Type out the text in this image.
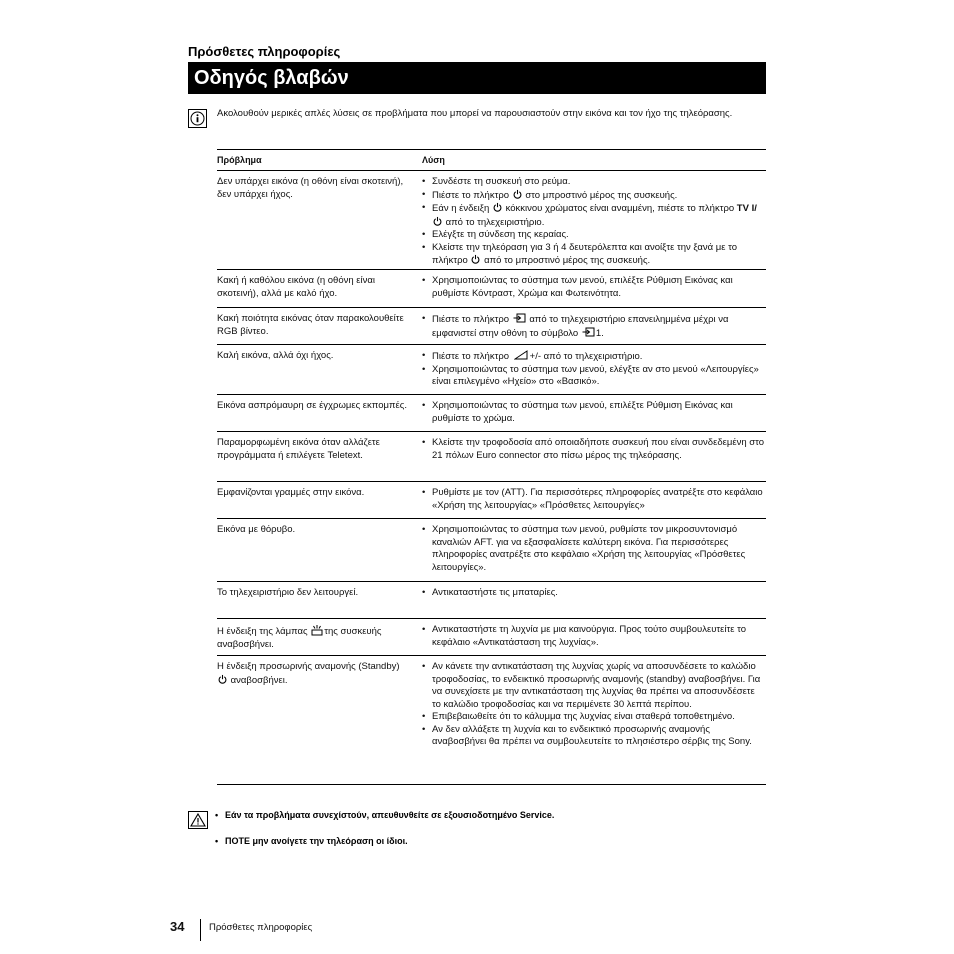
Πρόσθετες πληροφορίες
Οδηγός βλαβών
Ακολουθούν μερικές απλές λύσεις σε προβλήματα που μπορεί να παρουσιαστούν στην εικόνα και τον ήχο της τηλεόρασης.
Πρόβλημα	Λύση
Δεν υπάρχει εικόνα (η οθόνη είναι σκοτεινή), δεν υπάρχει ήχος.
• Συνδέστε τη συσκευή στο ρεύμα.
• Πιέστε το πλήκτρο στο μπροστινό μέρος της συσκευής.
• Εάν η ένδειξη κόκκινου χρώματος είναι αναμμένη, πιέστε το πλήκτρο TV I/ από το τηλεχειριστήριο.
• Ελέγξτε τη σύνδεση της κεραίας.
• Κλείστε την τηλεόραση για 3 ή 4 δευτερόλεπτα και ανοίξτε την ξανά με το πλήκτρο από το μπροστινό μέρος της συσκευής.
Κακή ή καθόλου εικόνα (η οθόνη είναι σκοτεινή), αλλά με καλό ήχο.
• Χρησιμοποιώντας το σύστημα των μενού, επιλέξτε Ρύθμιση Εικόνας και ρυθμίστε Κόντραστ, Χρώμα και Φωτεινότητα.
Κακή ποιότητα εικόνας όταν παρακολουθείτε RGB βίντεο.
• Πιέστε το πλήκτρο από το τηλεχειριστήριο επανειλημμένα μέχρι να εμφανιστεί στην οθόνη το σύμβολο 1.
Καλή εικόνα, αλλά όχι ήχος.	• Πιέστε το πλήκτρο +/- από το τηλεχειριστήριο.
• Χρησιμοποιώντας το σύστημα των μενού, ελέγξτε αν στο μενού «Λειτουργίες» είναι επιλεγμένο «Ηχείο» στο «Βασικό».
Εικόνα ασπρόμαυρη σε έγχρωμες εκπομπές.	• Χρησιμοποιώντας το σύστημα των μενού, επιλέξτε Ρύθμιση Εικόνας και ρυθμίστε το χρώμα.
Παραμορφωμένη εικόνα όταν αλλάζετε προγράμματα ή επιλέγετε Teletext.
• Κλείστε την τροφοδοσία από οποιαδήποτε συσκευή που είναι συνδεδεμένη στο 21 πόλων Euro connector στο πίσω μέρος της τηλεόρασης.
Εμφανίζονται γραμμές στην εικόνα.	• Ρυθμίστε με τον (ΑΤΤ). Για περισσότερες πληροφορίες ανατρέξτε στο κεφάλαιο «Χρήση της λειτουργίας» «Πρόσθετες λειτουργίες»
Εικόνα με θόρυβο.	• Χρησιμοποιώντας το σύστημα των μενού, ρυθμίστε τον μικροσυντονισμό καναλιών AFT. για να εξασφαλίσετε καλύτερη εικόνα. Για περισσότερες πληροφορίες ανατρέξτε στο κεφάλαιο «Χρήση της λειτουργίας «Πρόσθετες λειτουργίες».
Το τηλεχειριστήριο δεν λειτουργεί.	• Αντικαταστήστε τις μπαταρίες.
Η ένδειξη της λάμπας της συσκευής αναβοσβήνει.
• Αντικαταστήστε τη λυχνία με μια καινούργια. Προς τούτο συμβουλευτείτε το κεφάλαιο «Αντικατάσταση της λυχνίας».
Η ένδειξη προσωρινής αναμονής (Standby)  αναβοσβήνει.
• Αν κάνετε την αντικατάσταση της λυχνίας χωρίς να αποσυνδέσετε το καλώδιο τροφοδοσίας, το ενδεικτικό προσωρινής αναμονής (standby) αναβοσβήνει. Για να συνεχίσετε με την αντικατάσταση της λυχνίας θα πρέπει να αποσυνδέσετε το καλώδιο τροφοδοσίας και να περιμένετε 30 λεπτά περίπου.
• Επιβεβαιωθείτε ότι το κάλυμμα της λυχνίας είναι σταθερά τοποθετημένο.
• Αν δεν αλλάξετε τη λυχνία και το ενδεικτικό προσωρινής αναμονής αναβοσβήνει θα πρέπει να συμβουλευτείτε το πλησιέστερο σέρβις της Sony.
• Εάν τα προβλήματα συνεχίστούν, απευθυνθείτε σε εξουσιοδοτημένο Service.
• ΠΟΤΕ μην ανοίγετε την τηλεόραση οι ίδιοι.
34	Πρόσθετες πληροφορίες
